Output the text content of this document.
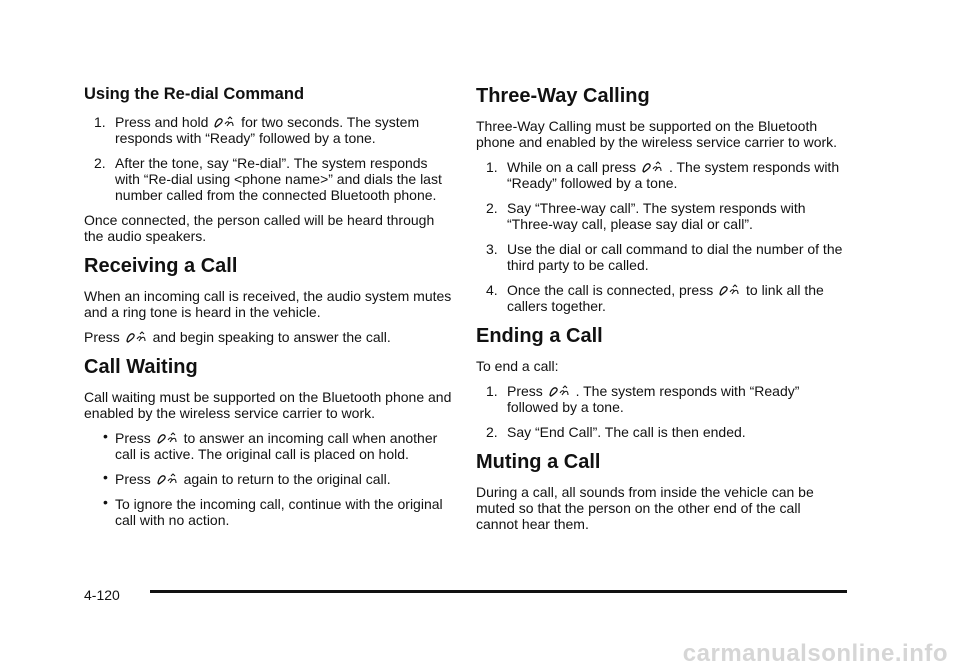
Using the Re-dial Command
1. Press and hold
for two seconds. The system responds with “Ready” followed by a tone.
2. After the tone, say “Re-dial”. The system responds with “Re-dial using <phone name>” and dials the last number called from the connected Bluetooth phone.

Once connected, the person called will be heard through the audio speakers.

Receiving a Call

When an incoming call is received, the audio system mutes and a ring tone is heard in the vehicle.

Press
and begin speaking to answer the call.

Call Waiting

Call waiting must be supported on the Bluetooth phone and enabled by the wireless service carrier to work.

• Press
to answer an incoming call when another call is active. The original call is placed on hold.
• Press
again to return to the original call.
• To ignore the incoming call, continue with the original call with no action.
Three-Way Calling

Three-Way Calling must be supported on the Bluetooth phone and enabled by the wireless service carrier to work.

1. While on a call press
. The system responds with “Ready” followed by a tone.
2. Say “Three-way call”. The system responds with “Three-way call, please say dial or call”.
3. Use the dial or call command to dial the number of the third party to be called.
4. Once the call is connected, press
to link all the callers together.
Ending a Call

To end a call:

1. Press
. The system responds with “Ready” followed by a tone.
2. Say “End Call”. The call is then ended.
Muting a Call

During a call, all sounds from inside the vehicle can be muted so that the person on the other end of the call cannot hear them.

4-120
carmanualsonline.info
